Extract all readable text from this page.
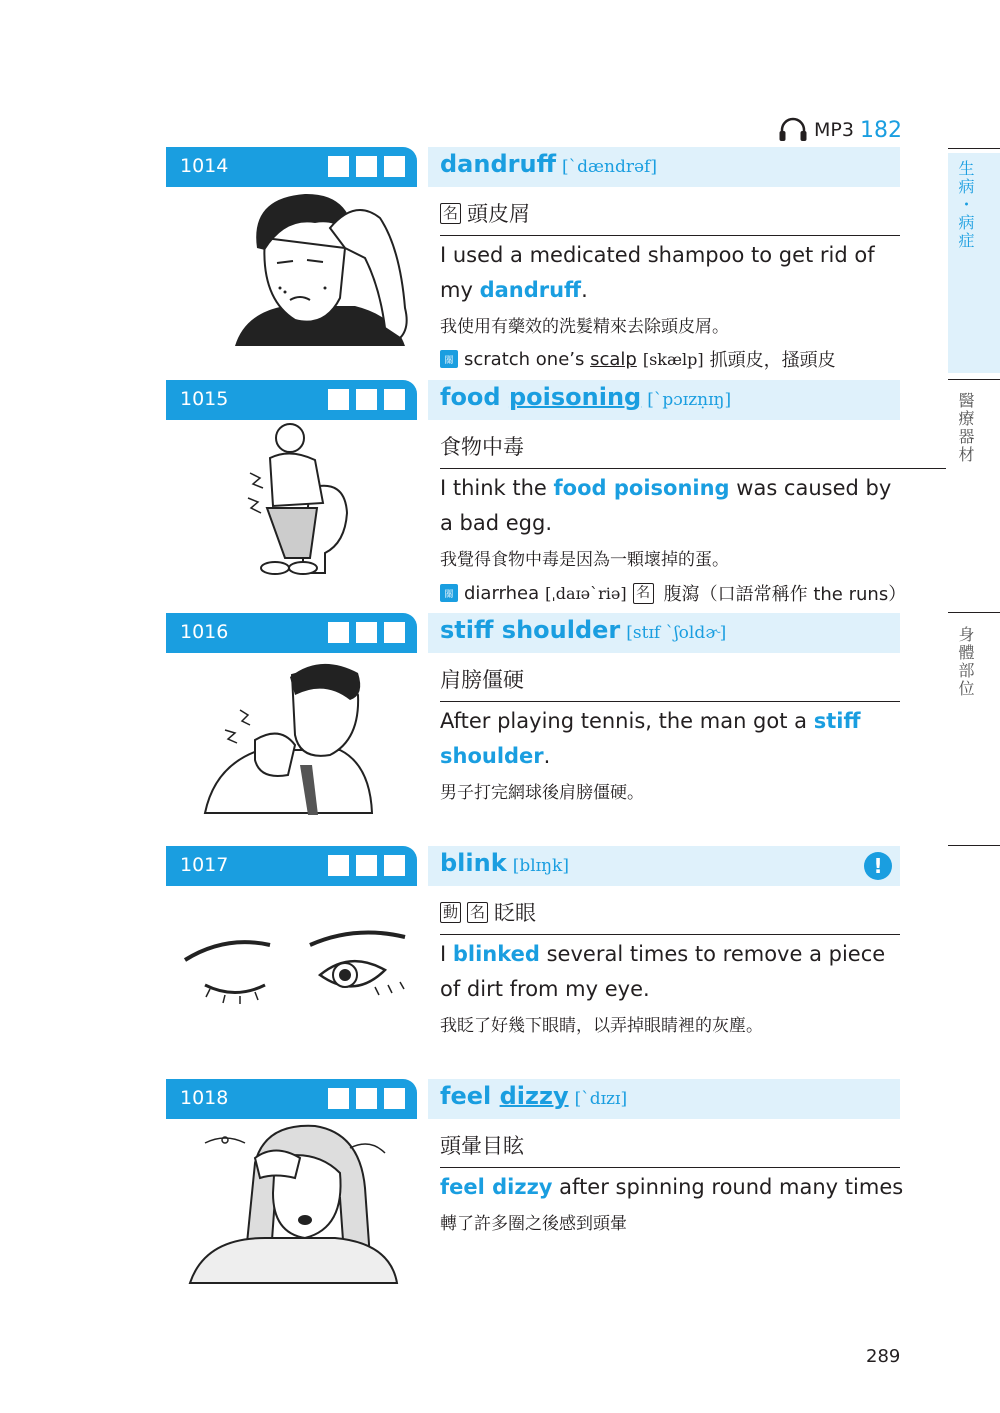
MP3 182
生病・病症
醫療器材
身體部位
1014	dandruff [ˋdændrəf]
名 頭皮屑
I used a medicated shampoo to get rid of my dandruff.
我使用有藥效的洗髮精來去除頭皮屑。
關 scratch one’s scalp [skælp] 抓頭皮，搔頭皮
1015	food poisoning [ˋpɔɪzṇɪŋ]
食物中毒
I think the food poisoning was caused by a bad egg.
我覺得食物中毒是因為一顆壞掉的蛋。
關 diarrhea [ˌdaɪəˋriə] 名 腹瀉（口語常稱作 the runs）
1016	stiff shoulder [stɪf ˋʃoldɚ]
肩膀僵硬
After playing tennis, the man got a stiff shoulder.
男子打完網球後肩膀僵硬。
1017	blink [blɪŋk]	!
動 名 眨眼
I blinked several times to remove a piece of dirt from my eye.
我眨了好幾下眼睛，以弄掉眼睛裡的灰塵。
1018	feel dizzy [ˋdɪzɪ]
頭暈目眩
feel dizzy after spinning round many times
轉了許多圈之後感到頭暈
289
